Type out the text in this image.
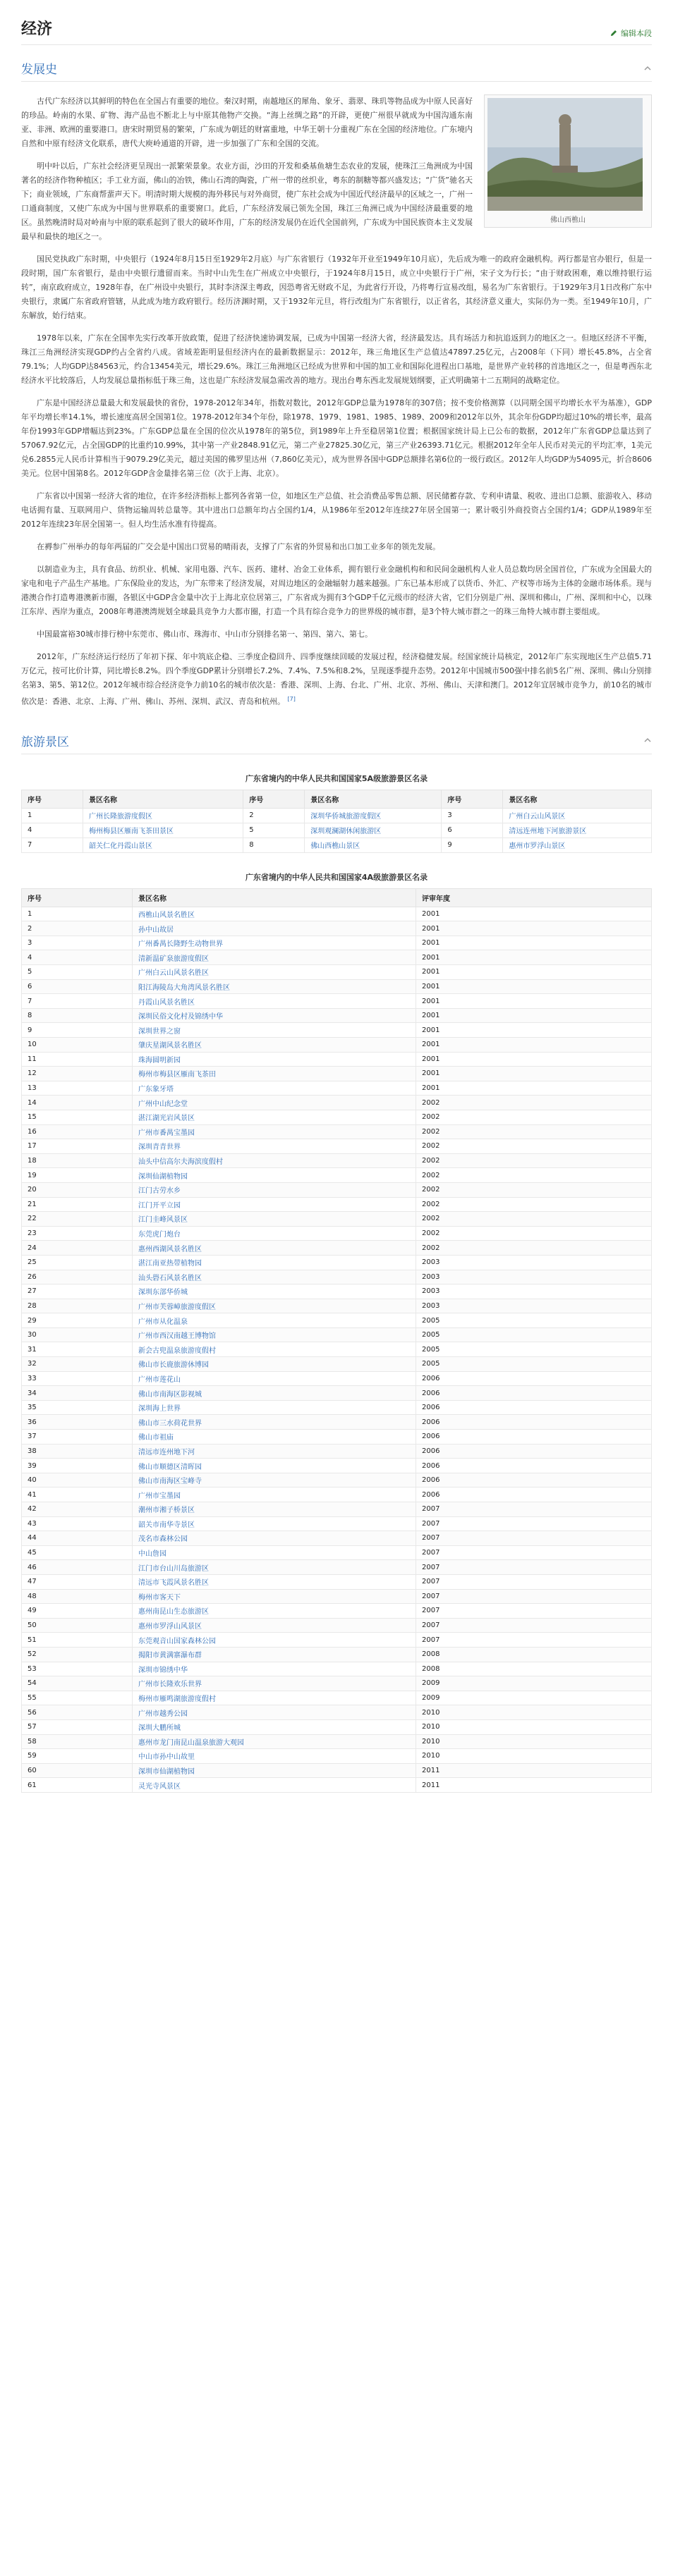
经济	编辑本段
发展史
佛山西樵山

古代广东经济以其鲜明的特色在全国占有重要的地位。秦汉时期，南越地区的犀角、象牙、翡翠、珠玑等物品成为中原人民喜好的珍品。岭南的水果、矿物、海产品也不断北上与中原其他物产交换。“海上丝绸之路”的开辟，更使广州很早就成为中国沟通东南亚、非洲、欧洲的重要港口。唐宋时期贸易的繁荣，广东成为朝廷的财富重地，中华王朝十分重视广东在全国的经济地位。广东境内自然和中原有经济文化联系，唐代大庾岭通道的开辟，进一步加强了广东和全国的交流。

明中叶以后，广东社会经济更呈现出一派繁荣景象。农业方面，沙田的开发和桑基鱼塘生态农业的发展，使珠江三角洲成为中国著名的经济作物种植区；手工业方面，佛山的冶铁，佛山石湾的陶瓷，广州一带的丝织业，粤东的制糖等都兴盛发达；“广货”驰名天下；商业领域，广东商帮蜚声天下。明清时期大规模的海外移民与对外商贸，使广东社会成为中国近代经济最早的区域之一，广州一口通商制度，又使广东成为中国与世界联系的重要窗口。此后，广东经济发展已领先全国，珠江三角洲已成为中国经济最重要的地区。虽然晚清时局对岭南与中原的联系起到了很大的破坏作用，广东的经济发展仍在近代全国前列，广东成为中国民族资本主义发展最早和最快的地区之一。

国民党执政广东时期，中央银行（1924年8月15日至1929年2月底）与广东省银行（1932年开业至1949年10月底），先后成为唯一的政府金融机构。两行都是官办银行，但是一段时期，国广东省银行，是由中央银行遗留而来。当时中山先生在广州成立中央银行，于1924年8月15日，成立中央银行于广州，宋子文为行长；“由于财政困难，难以维持银行运转”，南京政府成立，1928年春，在广州设中央银行，其时李济深主粤政，因恐粤省无财政不足，为此省行开设，乃将粤行宣易改组，易名为广东省银行。于1929年3月1日改称广东中央银行，隶属广东省政府管辖，从此成为地方政府银行。经历济渊时期，又于1932年元旦，将行改组为广东省银行，以正省名，其经济意义重大，实际仍为一类。至1949年10月，广东解放，始行结束。

1978年以来，广东在全国率先实行改革开放政策，促进了经济快速协调发展，已成为中国第一经济大省，经济最发达。具有场活力和抗追返到力的地区之一。但地区经济不平衡，珠江三角洲经济实现GDP约占全省约八成。省域差距明显但经济内在的最新数据显示：2012年，珠三角地区生产总值达47897.25亿元，占2008年（下同）增长45.8%，占全省79.1%；人均GDP达84563元，约合13454美元，增长29.6%。珠江三角洲地区已经成为世界和中国的加工业和国际化进程出口基地，是世界产业转移的首选地区之一，但是粤西东北经济水平比较落后，人均发展总量指标低于珠三角，这也是广东经济发展急需改善的地方。现出台粤东西北发展规划纲要，正式明确第十二五期间的战略定位。

广东是中国经济总量最大和发展最快的省份，1978-2012年34年，指数对数比，2012年GDP总量为1978年的307倍；按不变价格测算（以同期全国平均增长水平为基准），GDP年平均增长率14.1%，增长速度高居全国第1位。1978-2012年34个年份，除1978、1979、1981、1985、1989、2009和2012年以外，其余年份GDP均超过10%的增长率，最高年份1993年GDP增幅达到23%。广东GDP总量在全国的位次从1978年的第5位，到1989年上升至稳居第1位置；根据国家统计局上已公布的数据，2012年广东省GDP总量达到了57067.92亿元，占全国GDP的比重约10.99%，其中第一产业2848.91亿元，第二产业27825.30亿元，第三产业26393.71亿元。根据2012年全年人民币对美元的平均汇率，1美元兑6.2855元人民币计算相当于9079.29亿美元，超过美国的佛罗里达州（7,860亿美元），成为世界各国中GDP总额排名第6位的一级行政区。2012年人均GDP为54095元，折合8606美元。位居中国第8名。2012年GDP含金量排名第三位（次于上海、北京）。

广东省以中国第一经济大省的地位，在许多经济指标上都列各省第一位，如地区生产总值、社会消费品零售总额、居民储蓄存款、专利申请量、税收、进出口总额、旅游收入、移动电话拥有量、互联网用户、货物运输周转总量等。其中进出口总额年均占全国约1/4，从1986年至2012年连续27年居全国第一；累计吸引外商投资占全国约1/4；GDP从1989年至2012年连续23年居全国第一。但人均生活水准有待提高。

在褥参广州举办的每年两届的广交会是中国出口贸易的晴雨表，支撑了广东省的外贸易和出口加工业多年的领先发展。

以制造业为主，具有食品、纺织业、机械、家用电器、汽车、医药、建材、冶金工业体系，拥有银行业金融机构和和民间金融机构人业人员总数均居全国首位，广东成为全国最大的家电和电子产品生产基地。广东保险业的发达，为广东带来了经济发展，对周边地区的金融辐射力越来越强。广东已基本形成了以货币、外汇、产权等市场为主体的金融市场体系。现与港澳合作打造粤港澳新市圈，各银区中GDP含金量中次于上海北京位居第三，广东省成为拥有3个GDP千亿元级市的经济大省，它们分别是广州、深圳和佛山，广州、深圳和中心，以珠江东岸、西岸为重点，2008年粤港澳湾规划全球最具竞争力大都市圈，打造一个具有综合竞争力的世界级的城市群，是3个特大城市群之一的珠三角特大城市群主要组成。

中国最富裕30城市排行榜中东莞市、佛山市、珠海市、中山市分别排名第一、第四、第六、第七。

2012年，广东经济运行经历了年初下探、年中筑底企稳、三季度企稳回升、四季度继续回暖的发展过程，经济稳健发展。经国家统计局核定，2012年广东实现地区生产总值5.71万亿元，按可比价计算，同比增长8.2%。四个季度GDP累计分别增长7.2%、7.4%、7.5%和8.2%，呈现逐季提升态势。2012年中国城市500强中排名前5名广州、深圳、佛山分别排名第3、第5、第12位。2012年城市综合经济竞争力前10名的城市依次是：香港、深圳、上海、台北、广州、北京、苏州、佛山、天津和澳门。2012年宜居城市竞争力，前10名的城市依次是：香港、北京、上海、广州、佛山、苏州、深圳、武汉、青岛和杭州。 [7]

旅游景区
广东省境内的中华人民共和国国家5A级旅游景区名录
序号	景区名称	序号	景区名称	序号	景区名称
1	广州长隆旅游度假区	2	深圳华侨城旅游度假区	3	广州白云山风景区
4	梅州梅县区雁南飞茶田景区	5	深圳观澜湖休闲旅游区	6	清远连州地下河旅游景区
7	韶关仁化丹霞山景区	8	佛山西樵山景区	9	惠州市罗浮山景区
广东省境内的中华人民共和国国家4A级旅游景区名录
序号	景区名称	评审年度
1	西樵山风景名胜区	2001
2	孙中山故居	2001
3	广州番禺长隆野生动物世界	2001
4	清新温矿泉旅游度假区	2001
5	广州白云山风景名胜区	2001
6	阳江海陵岛大角湾风景名胜区	2001
7	丹霞山风景名胜区	2001
8	深圳民俗文化村及锦绣中华	2001
9	深圳世界之窗	2001
10	肇庆星湖风景名胜区	2001
11	珠海圆明新园	2001
12	梅州市梅县区雁南飞茶田	2001
13	广东象牙塔	2001
14	广州中山纪念堂	2002
15	湛江湖光岩风景区	2002
16	广州市番禺宝墨园	2002
17	深圳青青世界	2002
18	汕头中信高尔夫海滨度假村	2002
19	深圳仙湖植物园	2002
20	江门古劳水乡	2002
21	江门开平立园	2002
22	江门圭峰风景区	2002
23	东莞虎门炮台	2002
24	惠州西湖风景名胜区	2002
25	湛江南亚热带植物园	2003
26	汕头礐石风景名胜区	2003
27	深圳东部华侨城	2003
28	广州市芙蓉嶂旅游度假区	2003
29	广州市从化温泉	2005
30	广州市西汉南越王博物馆	2005
31	新会古兜温泉旅游度假村	2005
32	佛山市长鹿旅游休博园	2005
33	广州市莲花山	2006
34	佛山市南海区影视城	2006
35	深圳海上世界	2006
36	佛山市三水荷花世界	2006
37	佛山市祖庙	2006
38	清远市连州地下河	2006
39	佛山市顺德区清晖园	2006
40	佛山市南海区宝峰寺	2006
41	广州市宝墨园	2006
42	潮州市湘子桥景区	2007
43	韶关市南华寺景区	2007
44	茂名市森林公园	2007
45	中山詹园	2007
46	江门市台山川岛旅游区	2007
47	清远市飞霞风景名胜区	2007
48	梅州市客天下	2007
49	惠州南昆山生态旅游区	2007
50	惠州市罗浮山风景区	2007
51	东莞观音山国家森林公园	2007
52	揭阳市黄满寨瀑布群	2008
53	深圳市锦绣中华	2008
54	广州市长隆欢乐世界	2009
55	梅州市雁鸣湖旅游度假村	2009
56	广州市越秀公园	2010
57	深圳大鹏所城	2010
58	惠州市龙门南昆山温泉旅游大观园	2010
59	中山市孙中山故里	2010
60	深圳市仙湖植物园	2011
61	灵光寺风景区	2011
